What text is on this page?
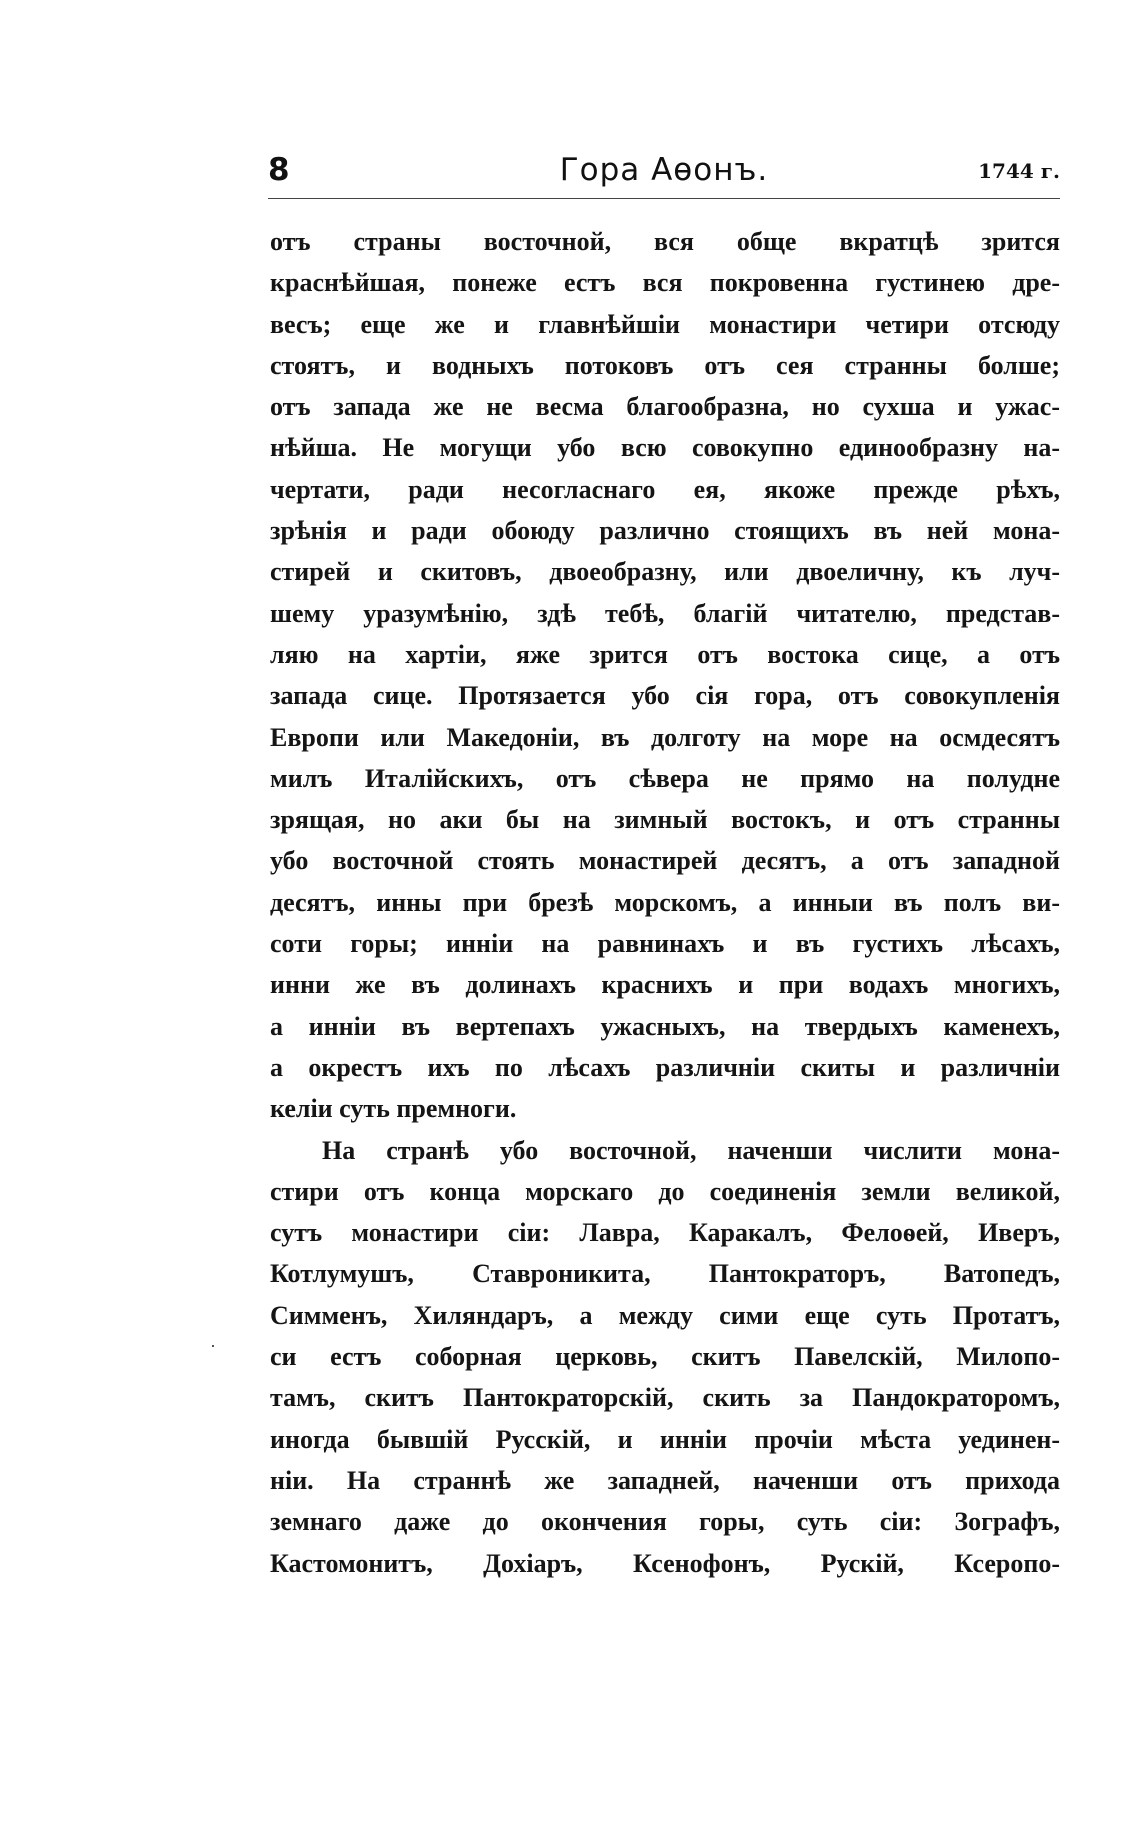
8	Гора Аѳонъ.	1744 г.
отъ страны восточной, вся обще вкратцѣ зрится
краснѣйшая, понеже естъ вся покровенна густинею дре-
весъ; еще же и главнѣйшіи монастири четири отсюду
стоятъ, и водныхъ потоковъ отъ сея странны болше;
отъ запада же не весма благообразна, но сухша и ужас-
нѣйша. Не могущи убо всю совокупно единообразну на-
чертати, ради несогласнаго ея, якоже прежде рѣхъ,
зрѣнія и ради обоюду различно стоящихъ въ ней мона-
стирей и скитовъ, двоеобразну, или двоеличну, къ луч-
шему уразумѣнію, здѣ тебѣ, благій читателю, представ-
ляю на хартіи, яже зрится отъ востока сице, а отъ
запада сице. Протязается убо сія гора, отъ совокупленія
Европи или Македоніи, въ долготу на море на осмдесятъ
милъ Италійскихъ, отъ сѣвера не прямо на полудне
зрящая, но аки бы на зимный востокъ, и отъ странны
убо восточной стоять монастирей десятъ, а отъ западной
десятъ, инны при брезѣ морскомъ, а инныи въ полъ ви-
соти горы; инніи на равнинахъ и въ густихъ лѣсахъ,
инни же въ долинахъ краснихъ и при водахъ многихъ,
а инніи въ вертепахъ ужасныхъ, на твердыхъ каменехъ,
а окрестъ ихъ по лѣсахъ различніи скиты и различніи
келіи суть премноги.
На странѣ убо восточной, наченши числити мона-
стири отъ конца морскаго до соединенія земли великой,
сутъ монастири сіи: Лавра, Каракалъ, Фелоѳей, Иверъ,
Котлумушъ, Ставроникита, Пантократоръ, Ватопедъ,
Симменъ, Хиляндаръ, а между сими еще суть Протатъ,
си естъ соборная церковь, скитъ Павелскій, Милопо-
тамъ, скитъ Пантократорскій, скить за Пандократоромъ,
иногда бывшій Русскій, и инніи прочіи мѣста уединен-
ніи. На страннѣ же западней, наченши отъ прихода
земнаго даже до окончения горы, суть сіи: Зографъ,
Кастомонитъ, Дохіаръ, Ксенофонъ, Рускій, Ксеропо-
